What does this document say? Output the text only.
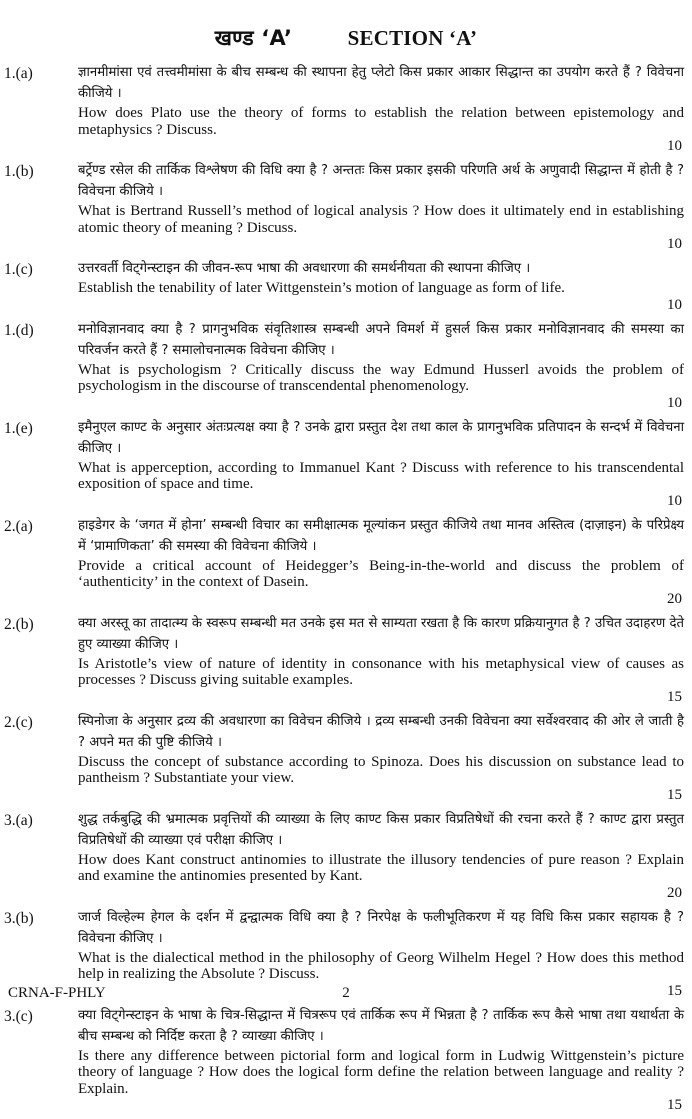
खण्ड ‘A’	SECTION ‘A’
1.(a)	ज्ञानमीमांसा एवं तत्त्वमीमांसा के बीच सम्बन्ध की स्थापना हेतु प्लेटो किस प्रकार आकार सिद्धान्त का उपयोग करते हैं ? विवेचना कीजिये ।
How does Plato use the theory of forms to establish the relation between epistemology and metaphysics ? Discuss.
10
1.(b)	बर्ट्रेण्ड रसेल की तार्किक विश्लेषण की विधि क्या है ? अन्ततः किस प्रकार इसकी परिणति अर्थ के अणुवादी सिद्धान्त में होती है ? विवेचना कीजिये ।
What is Bertrand Russell’s method of logical analysis ? How does it ultimately end in establishing atomic theory of meaning ? Discuss.
10
1.(c)	उत्तरवर्ती विट्गेन्स्टाइन की जीवन-रूप भाषा की अवधारणा की समर्थनीयता की स्थापना कीजिए ।
Establish the tenability of later Wittgenstein’s motion of language as form of life.
10
1.(d)	मनोविज्ञानवाद क्या है ? प्रागनुभविक संवृतिशास्त्र सम्बन्धी अपने विमर्श में हुसर्ल किस प्रकार मनोविज्ञानवाद की समस्या का परिवर्जन करते हैं ? समालोचनात्मक विवेचना कीजिए ।
What is psychologism ? Critically discuss the way Edmund Husserl avoids the problem of psychologism in the discourse of transcendental phenomenology.
10
1.(e)	इमैनुएल काण्ट के अनुसार अंतःप्रत्यक्ष क्या है ? उनके द्वारा प्रस्तुत देश तथा काल के प्रागनुभविक प्रतिपादन के सन्दर्भ में विवेचना कीजिए ।
What is apperception, according to Immanuel Kant ? Discuss with reference to his transcendental exposition of space and time.
10
2.(a)	हाइडेगर के ‘जगत में होना’ सम्बन्धी विचार का समीक्षात्मक मूल्यांकन प्रस्तुत कीजिये तथा मानव अस्तित्व (दाज़ाइन) के परिप्रेक्ष्य में ‘प्रामाणिकता’ की समस्या की विवेचना कीजिये ।
Provide a critical account of Heidegger’s Being-in-the-world and discuss the problem of ‘authenticity’ in the context of Dasein.
20
2.(b)	क्या अरस्तू का तादात्म्य के स्वरूप सम्बन्धी मत उनके इस मत से साम्यता रखता है कि कारण प्रक्रियानुगत है ? उचित उदाहरण देते हुए व्याख्या कीजिए ।
Is Aristotle’s view of nature of identity in consonance with his metaphysical view of causes as processes ? Discuss giving suitable examples.
15
2.(c)	स्पिनोजा के अनुसार द्रव्य की अवधारणा का विवेचन कीजिये । द्रव्य सम्बन्धी उनकी विवेचना क्या सर्वेश्वरवाद की ओर ले जाती है ? अपने मत की पुष्टि कीजिये ।
Discuss the concept of substance according to Spinoza. Does his discussion on substance lead to pantheism ? Substantiate your view.
15
3.(a)	शुद्ध तर्कबुद्धि की भ्रमात्मक प्रवृत्तियों की व्याख्या के लिए काण्ट किस प्रकार विप्रतिषेधों की रचना करते हैं ? काण्ट द्वारा प्रस्तुत विप्रतिषेधों की व्याख्या एवं परीक्षा कीजिए ।
How does Kant construct antinomies to illustrate the illusory tendencies of pure reason ? Explain and examine the antinomies presented by Kant.
20
3.(b)	जार्ज विल्हेल्म हेगल के दर्शन में द्वन्द्वात्मक विधि क्या है ? निरपेक्ष के फलीभूतिकरण में यह विधि किस प्रकार सहायक है ? विवेचना कीजिए ।
What is the dialectical method in the philosophy of Georg Wilhelm Hegel ? How does this method help in realizing the Absolute ? Discuss.
15
3.(c)	क्या विट्गेन्स्टाइन के भाषा के चित्र-सिद्धान्त में चित्ररूप एवं तार्किक रूप में भिन्नता है ? तार्किक रूप कैसे भाषा तथा यथार्थता के बीच सम्बन्ध को निर्दिष्ट करता है ? व्याख्या कीजिए ।
Is there any difference between pictorial form and logical form in Ludwig Wittgenstein’s picture theory of language ? How does the logical form define the relation between language and reality ? Explain.
15
CRNA-F-PHLY	2
